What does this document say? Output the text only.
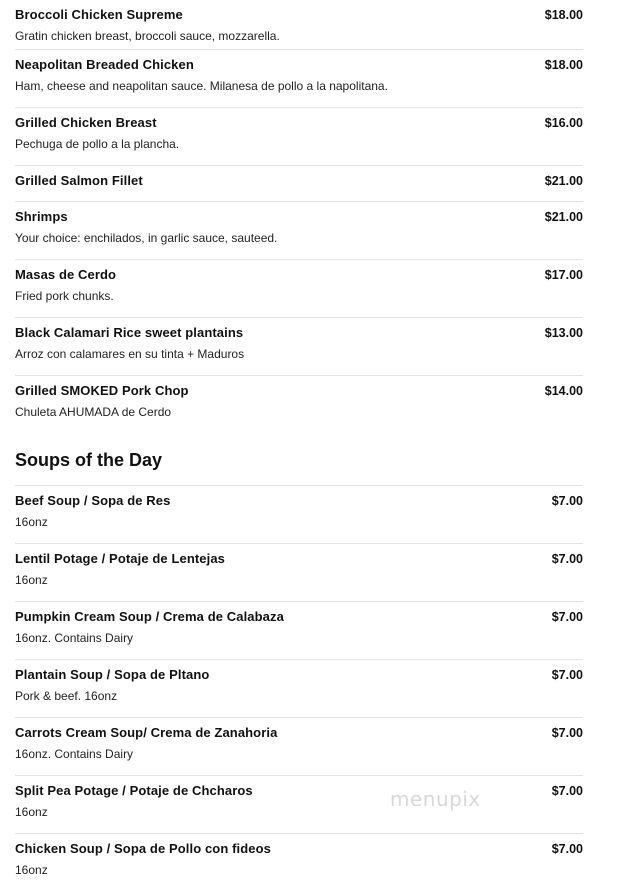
Broccoli Chicken Supreme
Gratin chicken breast, broccoli sauce, mozzarella.
$18.00
Neapolitan Breaded Chicken
Ham, cheese and neapolitan sauce. Milanesa de pollo a la napolitana.
$18.00
Grilled Chicken Breast
Pechuga de pollo a la plancha.
$16.00
Grilled Salmon Fillet	$21.00
Shrimps
Your choice: enchilados, in garlic sauce, sauteed.
$21.00
Masas de Cerdo
Fried pork chunks.
$17.00
Black Calamari Rice sweet plantains
Arroz con calamares en su tinta + Maduros
$13.00
Grilled SMOKED Pork Chop
Chuleta AHUMADA de Cerdo
$14.00
Soups of the Day
Beef Soup / Sopa de Res
16onz
$7.00
Lentil Potage / Potaje de Lentejas
16onz
$7.00
Pumpkin Cream Soup / Crema de Calabaza
16onz. Contains Dairy
$7.00
Plantain Soup / Sopa de Pltano
Pork & beef. 16onz
$7.00
Carrots Cream Soup/ Crema de Zanahoria
16onz. Contains Dairy
$7.00
Split Pea Potage / Potaje de Chcharos
16onz
$7.00
Chicken Soup / Sopa de Pollo con fideos
16onz
$7.00
menupix
